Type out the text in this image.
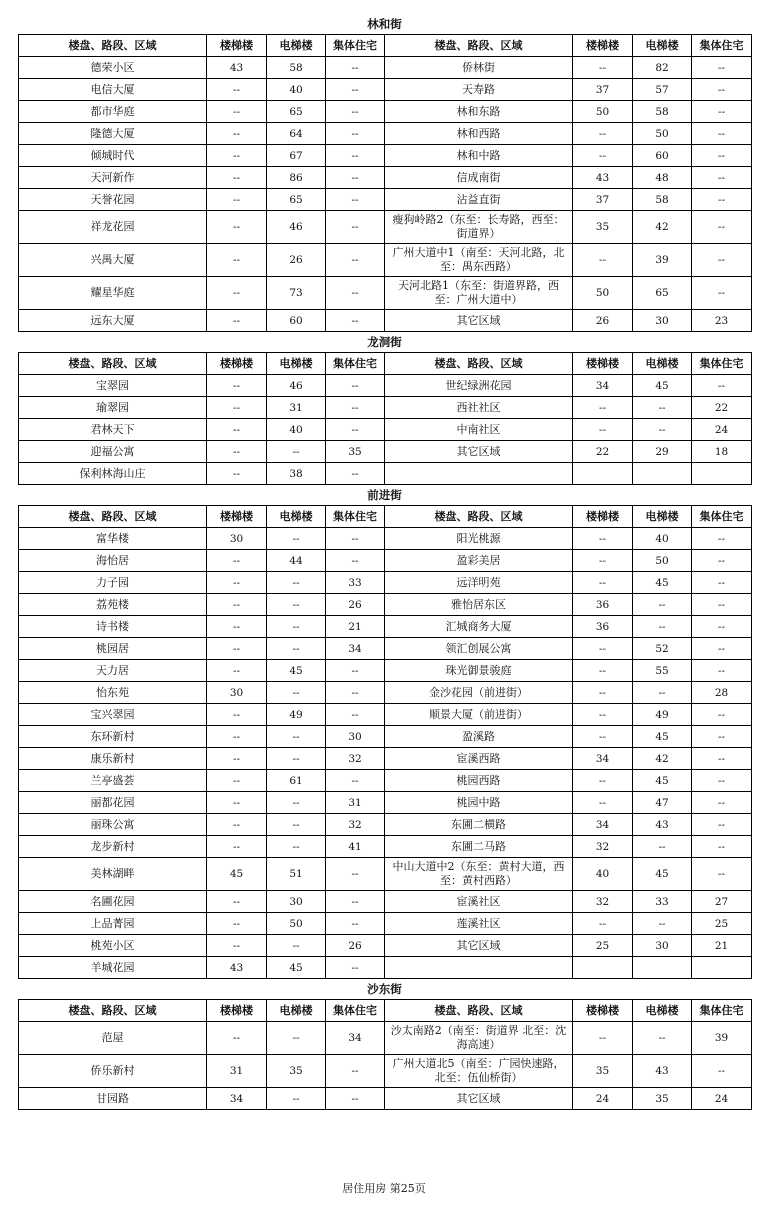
林和街
楼盘、路段、区域	楼梯楼	电梯楼	集体住宅	楼盘、路段、区域	楼梯楼	电梯楼	集体住宅
德荣小区	43	58	--	侨林街	--	82	--
电信大厦	--	40	--	天寿路	37	57	--
都市华庭	--	65	--	林和东路	50	58	--
隆德大厦	--	64	--	林和西路	--	50	--
倾城时代	--	67	--	林和中路	--	60	--
天河新作	--	86	--	信成南街	43	48	--
天誉花园	--	65	--	沾益直街	37	58	--
祥龙花园	--	46	--	瘦狗岭路2（东至：长寿路，西至：街道界）	35	42	--
兴禺大厦	--	26	--	广州大道中1（南至：天河北路，北至：禺东西路）	--	39	--
耀星华庭	--	73	--	天河北路1（东至：街道界路，西至：广州大道中）	50	65	--
远东大厦	--	60	--	其它区域	26	30	23
龙洞街
楼盘、路段、区域	楼梯楼	电梯楼	集体住宅	楼盘、路段、区域	楼梯楼	电梯楼	集体住宅
宝翠园	--	46	--	世纪绿洲花园	34	45	--
瑜翠园	--	31	--	西社社区	--	--	22
君林天下	--	40	--	中南社区	--	--	24
迎福公寓	--	--	35	其它区域	22	29	18
保利林海山庄	--	38	--				
前进街
楼盘、路段、区域	楼梯楼	电梯楼	集体住宅	楼盘、路段、区域	楼梯楼	电梯楼	集体住宅
富华楼	30	--	--	阳光桃源	--	40	--
海怡居	--	44	--	盈彩美居	--	50	--
力子园	--	--	33	远洋明苑	--	45	--
荔苑楼	--	--	26	雅怡居东区	36	--	--
诗书楼	--	--	21	汇城商务大厦	36	--	--
桃园居	--	--	34	领汇创展公寓	--	52	--
天力居	--	45	--	珠光御景骏庭	--	55	--
怡东苑	30	--	--	金沙花园（前进街）	--	--	28
宝兴翠园	--	49	--	顺景大厦（前进街）	--	49	--
东环新村	--	--	30	盈溪路	--	45	--
康乐新村	--	--	32	宦溪西路	34	42	--
兰亭盛荟	--	61	--	桃园西路	--	45	--
丽都花园	--	--	31	桃园中路	--	47	--
丽珠公寓	--	--	32	东圃二横路	34	43	--
龙步新村	--	--	41	东圃二马路	32	--	--
美林湖畔	45	51	--	中山大道中2（东至：黄村大道，西至：黄村西路）	40	45	--
名圃花园	--	30	--	宦溪社区	32	33	27
上品菁园	--	50	--	莲溪社区	--	--	25
桃苑小区	--	--	26	其它区域	25	30	21
羊城花园	43	45	--				
沙东街
楼盘、路段、区域	楼梯楼	电梯楼	集体住宅	楼盘、路段、区域	楼梯楼	电梯楼	集体住宅
范屋	--	--	34	沙太南路2（南至：街道界 北至：沈海高速）	--	--	39
侨乐新村	31	35	--	广州大道北5（南至：广园快速路，北至：伍仙桥街）	35	43	--
甘园路	34	--	--	其它区域	24	35	24
居住用房 第25页
